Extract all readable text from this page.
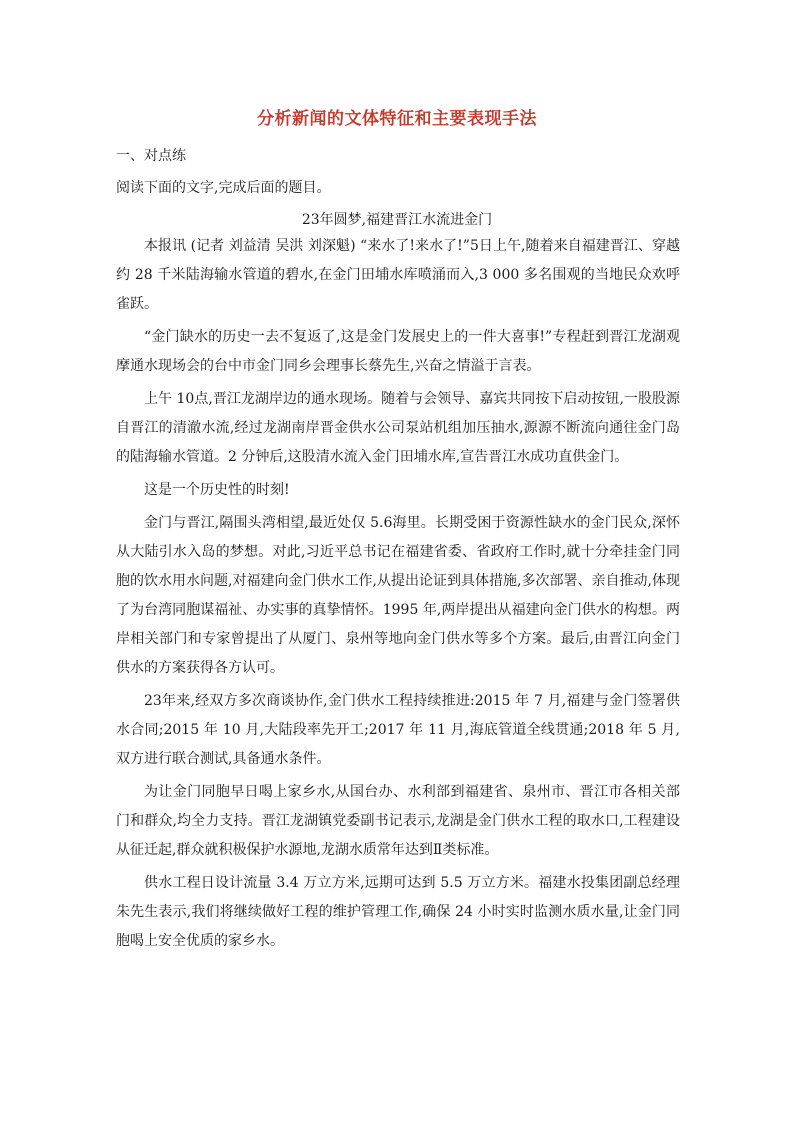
分析新闻的文体特征和主要表现手法
一、对点练
阅读下面的文字,完成后面的题目。
23年圆梦,福建晋江水流进金门

本报讯 (记者 刘益清 吴洪 刘深魁) “来水了!来水了!”5日上午,随着来自福建晋江、穿越约 28 千米陆海输水管道的碧水,在金门田埔水库喷涌而入,3 000 多名围观的当地民众欢呼雀跃。

“金门缺水的历史一去不复返了,这是金门发展史上的一件大喜事!”专程赶到晋江龙湖观摩通水现场会的台中市金门同乡会理事长蔡先生,兴奋之情溢于言表。

上午 10点,晋江龙湖岸边的通水现场。随着与会领导、嘉宾共同按下启动按钮,一股股源自晋江的清澈水流,经过龙湖南岸晋金供水公司泵站机组加压抽水,源源不断流向通往金门岛的陆海输水管道。2 分钟后,这股清水流入金门田埔水库,宣告晋江水成功直供金门。

这是一个历史性的时刻!

金门与晋江,隔围头湾相望,最近处仅 5.6海里。长期受困于资源性缺水的金门民众,深怀从大陆引水入岛的梦想。对此,习近平总书记在福建省委、省政府工作时,就十分牵挂金门同胞的饮水用水问题,对福建向金门供水工作,从提出论证到具体措施,多次部署、亲自推动,体现了为台湾同胞谋福祉、办实事的真挚情怀。1995 年,两岸提出从福建向金门供水的构想。两岸相关部门和专家曾提出了从厦门、泉州等地向金门供水等多个方案。最后,由晋江向金门供水的方案获得各方认可。

23年来,经双方多次商谈协作,金门供水工程持续推进:2015 年 7 月,福建与金门签署供水合同;2015 年 10 月,大陆段率先开工;2017 年 11 月,海底管道全线贯通;2018 年 5 月,双方进行联合测试,具备通水条件。

为让金门同胞早日喝上家乡水,从国台办、水利部到福建省、泉州市、晋江市各相关部门和群众,均全力支持。晋江龙湖镇党委副书记表示,龙湖是金门供水工程的取水口,工程建设从征迁起,群众就积极保护水源地,龙湖水质常年达到Ⅱ类标准。

供水工程日设计流量 3.4 万立方米,远期可达到 5.5 万立方米。福建水投集团副总经理朱先生表示,我们将继续做好工程的维护管理工作,确保 24 小时实时监测水质水量,让金门同胞喝上安全优质的家乡水。
